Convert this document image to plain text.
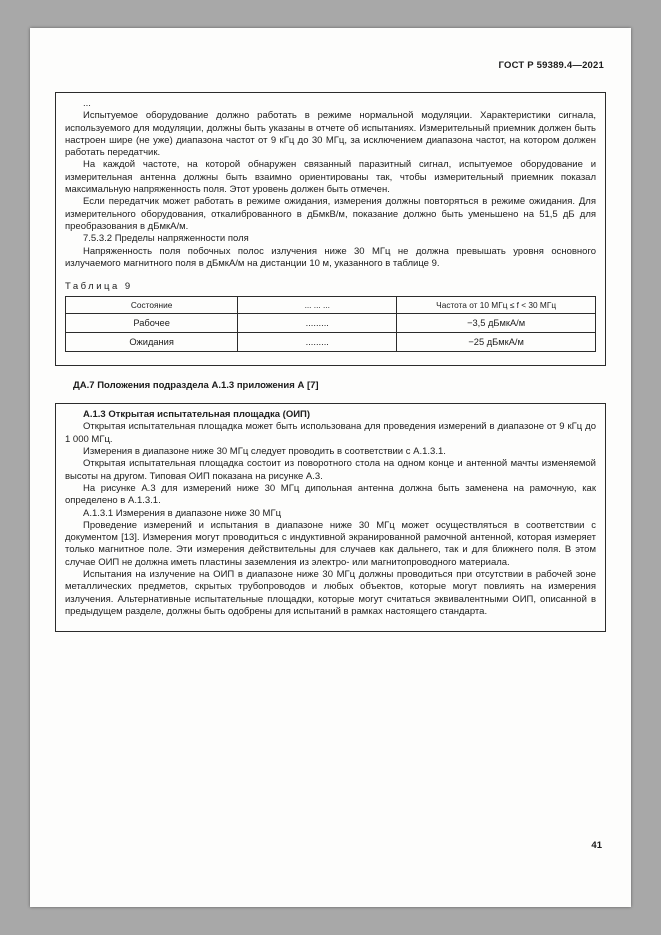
ГОСТ Р 59389.4—2021

...

Испытуемое оборудование должно работать в режиме нормальной модуляции. Характеристики сигнала, используемого для модуляции, должны быть указаны в отчете об испытаниях. Измерительный приемник должен быть настроен шире (не уже) диапазона частот от 9 кГц до 30 МГц, за исключением диапазона частот, на котором должен работать передатчик.

На каждой частоте, на которой обнаружен связанный паразитный сигнал, испытуемое оборудование и измерительная антенна должны быть взаимно ориентированы так, чтобы измерительный приемник показал максимальную напряженность поля. Этот уровень должен быть отмечен.

Если передатчик может работать в режиме ожидания, измерения должны повторяться в режиме ожидания. Для измерительного оборудования, откалиброванного в дБмкВ/м, показание должно быть уменьшено на 51,5 дБ для преобразования в дБмкА/м.

7.5.3.2 Пределы напряженности поля

Напряженность поля побочных полос излучения ниже 30 МГц не должна превышать уровня основного излучаемого магнитного поля в дБмкА/м на дистанции 10 м, указанного в таблице 9.

Таблица 9
Состояние	... ... ...	Частота от 10 МГц ≤ f < 30 МГц
Рабочее	.........	−3,5 дБмкА/м
Ожидания	.........	−25 дБмкА/м
ДА.7 Положения подраздела А.1.3 приложения А [7]

А.1.3 Открытая испытательная площадка (ОИП)

Открытая испытательная площадка может быть использована для проведения измерений в диапазоне от 9 кГц до 1 000 МГц.

Измерения в диапазоне ниже 30 МГц следует проводить в соответствии с А.1.3.1.

Открытая испытательная площадка состоит из поворотного стола на одном конце и антенной мачты изменяемой высоты на другом. Типовая ОИП показана на рисунке А.3.

На рисунке А.3 для измерений ниже 30 МГц дипольная антенна должна быть заменена на рамочную, как определено в А.1.3.1.

А.1.3.1 Измерения в диапазоне ниже 30 МГц

Проведение измерений и испытания в диапазоне ниже 30 МГц может осуществляться в соответствии с документом [13]. Измерения могут проводиться с индуктивной экранированной рамочной антенной, которая измеряет только магнитное поле. Эти измерения действительны для случаев как дальнего, так и для ближнего поля. В этом случае ОИП не должна иметь пластины заземления из электро- или магнитопроводного материала.

Испытания на излучение на ОИП в диапазоне ниже 30 МГц должны проводиться при отсутствии в рабочей зоне металлических предметов, скрытых трубопроводов и любых объектов, которые могут повлиять на измерения излучения. Альтернативные испытательные площадки, которые могут считаться эквивалентными ОИП, описанной в предыдущем разделе, должны быть одобрены для испытаний в рамках настоящего стандарта.

41
